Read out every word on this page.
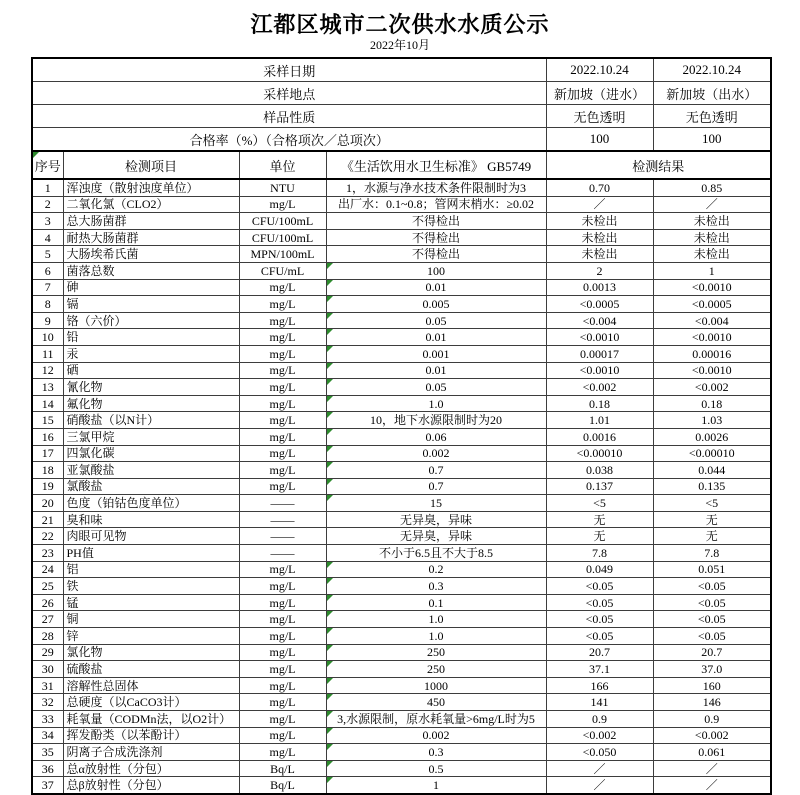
江都区城市二次供水水质公示
2022年10月
采样日期				2022.10.24	2022.10.24
采样地点				新加坡（进水）	新加坡（出水）
样品性质				无色透明	无色透明
合格率（%）（合格项次／总项次）				100	100
序号	检测项目	单位	《生活饮用水卫生标准》 GB5749	检测结果	
1	浑浊度（散射浊度单位）	NTU	1，水源与净水技术条件限制时为3	0.70	0.85
2	二氧化氯（CLO2）	mg/L	出厂水：0.1~0.8；管网末梢水：≥0.02	／	／
3	总大肠菌群	CFU/100mL	不得检出	未检出	未检出
4	耐热大肠菌群	CFU/100mL	不得检出	未检出	未检出
5	大肠埃希氏菌	MPN/100mL	不得检出	未检出	未检出
6	菌落总数	CFU/mL	100	2	1
7	砷	mg/L	0.01	0.0013	<0.0010
8	镉	mg/L	0.005	<0.0005	<0.0005
9	铬（六价）	mg/L	0.05	<0.004	<0.004
10	铅	mg/L	0.01	<0.0010	<0.0010
11	汞	mg/L	0.001	0.00017	0.00016
12	硒	mg/L	0.01	<0.0010	<0.0010
13	氰化物	mg/L	0.05	<0.002	<0.002
14	氟化物	mg/L	1.0	0.18	0.18
15	硝酸盐（以N计）	mg/L	10，地下水源限制时为20	1.01	1.03
16	三氯甲烷	mg/L	0.06	0.0016	0.0026
17	四氯化碳	mg/L	0.002	<0.00010	<0.00010
18	亚氯酸盐	mg/L	0.7	0.038	0.044
19	氯酸盐	mg/L	0.7	0.137	0.135
20	色度（铂钴色度单位）	——	15	<5	<5
21	臭和味	——	无异臭，异味	无	无
22	肉眼可见物	——	无异臭，异味	无	无
23	PH值	——	不小于6.5且不大于8.5	7.8	7.8
24	铝	mg/L	0.2	0.049	0.051
25	铁	mg/L	0.3	<0.05	<0.05
26	锰	mg/L	0.1	<0.05	<0.05
27	铜	mg/L	1.0	<0.05	<0.05
28	锌	mg/L	1.0	<0.05	<0.05
29	氯化物	mg/L	250	20.7	20.7
30	硫酸盐	mg/L	250	37.1	37.0
31	溶解性总固体	mg/L	1000	166	160
32	总硬度（以CaCO3计）	mg/L	450	141	146
33	耗氧量（CODMn法，以O2计）	mg/L	3,水源限制，原水耗氧量>6mg/L时为5	0.9	0.9
34	挥发酚类（以苯酚计）	mg/L	0.002	<0.002	<0.002
35	阴离子合成洗涤剂	mg/L	0.3	<0.050	0.061
36	总α放射性（分包）	Bq/L	0.5	／	／
37	总β放射性（分包）	Bq/L	1	／	／
